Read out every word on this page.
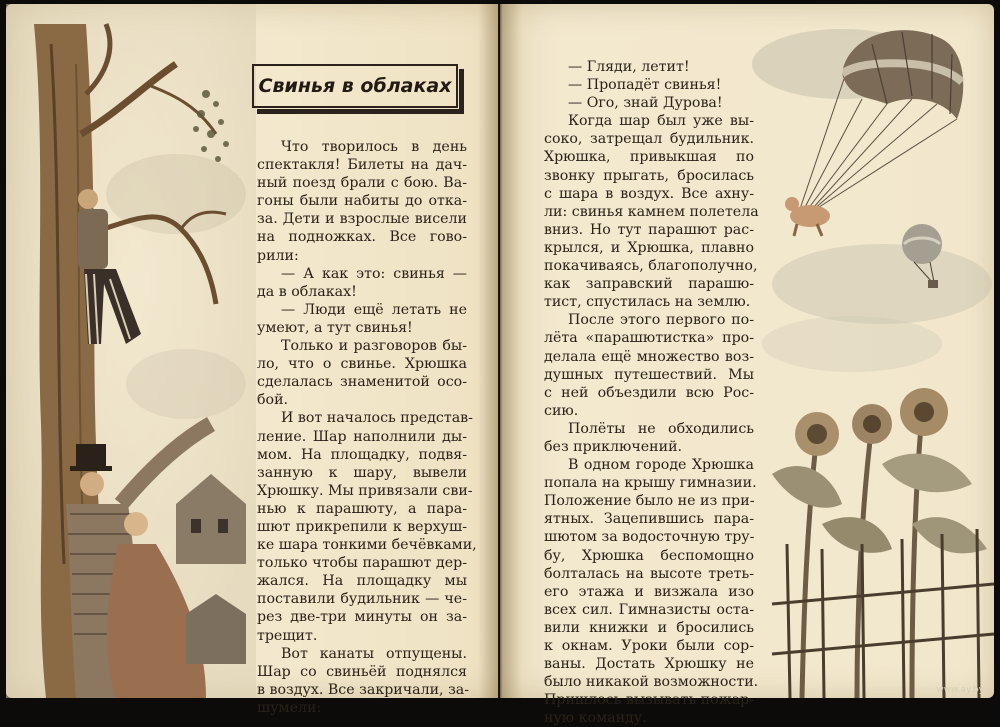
Свинья в облаках
Что творилось в день
спектакля! Билеты на дач-
ный поезд брали с бою. Ва-
гоны были набиты до отка-
за. Дети и взрослые висели
на подножках. Все гово-
рили:
— А как это: свинья —
да в облаках!
— Люди ещё летать не
умеют, а тут свинья!
Только и разговоров бы-
ло, что о свинье. Хрюшка
сделалась знаменитой осо-
бой.
И вот началось представ-
ление. Шар наполнили ды-
мом. На площадку, подвя-
занную к шару, вывели
Хрюшку. Мы привязали сви-
нью к парашюту, а пара-
шют прикрепили к верхуш-
ке шара тонкими бечёвками,
только чтобы парашют дер-
жался. На площадку мы
поставили будильник — че-
рез две-три минуты он за-
трещит.
Вот канаты отпущены.
Шар со свиньёй поднялся
в воздух. Все закричали, за-
шумели:
— Гляди, летит!
— Пропадёт свинья!
— Ого, знай Дурова!
Когда шар был уже вы-
соко, затрещал будильник.
Хрюшка, привыкшая по
звонку прыгать, бросилась
с шара в воздух. Все ахну-
ли: свинья камнем полетела
вниз. Но тут парашют рас-
крылся, и Хрюшка, плавно
покачиваясь, благополучно,
как заправский парашю-
тист, спустилась на землю.
После этого первого по-
лёта «парашютистка» про-
делала ещё множество воз-
душных путешествий. Мы
с ней объездили всю Рос-
сию.
Полёты не обходились
без приключений.
В одном городе Хрюшка
попала на крышу гимназии.
Положение было не из при-
ятных. Зацепившись пара-
шютом за водосточную тру-
бу, Хрюшка беспомощно
болталась на высоте треть-
его этажа и визжала изо
всех сил. Гимназисты оста-
вили книжки и бросились
к окнам. Уроки были сор-
ваны. Достать Хрюшку не
было никакой возможности.
Пришлось вызывать пожар-
ную команду.
www.ay.by
